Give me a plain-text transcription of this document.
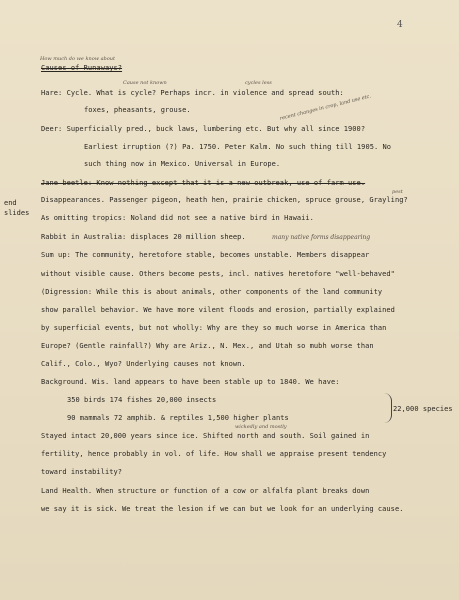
4
How much do we know about
Causes of Runaways?
Cause not known	cycles less
Hare: Cycle. What is cycle? Perhaps incr. in violence and spread south:
foxes, pheasants, grouse.	recent changes in crop, land use etc.
Deer: Superficially pred., buck laws, lumbering etc. But why all since 1900?
Earliest irruption (?) Pa. 1750. Peter Kalm. No such thing till 1905. No
such thing now in Mexico. Universal in Europe.
Jane beetle: Know nothing except that it is a new outbreak, use of farm use.
end
slides
pest
Disappearances. Passenger pigeon, heath hen, prairie chicken, spruce grouse, Grayling?
As omitting tropics: Noland did not see a native bird in Hawaii.
Rabbit in Australia: displaces 20 million sheep.	many native forms disappearing
Sum up: The community, heretofore stable, becomes unstable. Members disappear
without visible cause. Others become pests, incl. natives heretofore "well-behaved"
(Digression: While this is about animals, other components of the land community
show parallel behavior. We have more vilent floods and erosion, partially explained
by superficial events, but not wholly: Why are they so much worse in America than
Europe? (Gentle rainfall?) Why are Ariz., N. Mex., and Utah so mubh worse than
Calif., Colo., Wyo? Underlying causes not known.
Background. Wis. land appears to have been stable up to 1840. We have:
350 birds 174 fishes 20,000 insects
90 mammals 72 amphib. & reptiles 1,500 higher plants
22,000 species
wickedly and mostly
Stayed intact 20,000 years since ice. Shifted north and south. Soil gained in
fertility, hence probably in vol. of life. How shall we appraise present tendency
toward instability?
Land Health. When structure or function of a cow or alfalfa plant breaks down
we say it is sick. We treat the lesion if we can but we look for an underlying cause.
